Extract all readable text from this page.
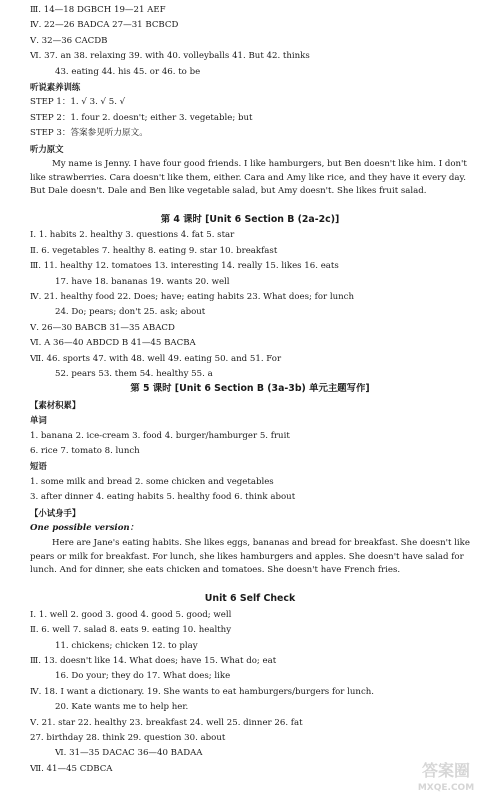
Ⅲ. 14—18 DGBCH 19—21 AEF
Ⅳ. 22—26 BADCA 27—31 BCBCD
Ⅴ. 32—36 CACDB
Ⅵ. 37. an 38. relaxing 39. with 40. volleyballs 41. But 42. thinks
43. eating 44. his 45. or 46. to be
听说素养训练
STEP 1：1. √ 3. √ 5. √
STEP 2：1. four 2. doesn't; either 3. vegetable; but
STEP 3：答案参见听力原文。
听力原文
My name is Jenny. I have four good friends. I like hamburgers, but Ben doesn't like him. I don't like strawberries. Cara doesn't like them, either. Cara and Amy like rice, and they have it every day. But Dale doesn't. Dale and Ben like vegetable salad, but Amy doesn't. She likes fruit salad.
第 4 课时 [Unit 6 Section B (2a-2c)]
Ⅰ. 1. habits 2. healthy 3. questions 4. fat 5. star
Ⅱ. 6. vegetables 7. healthy 8. eating 9. star 10. breakfast
Ⅲ. 11. healthy 12. tomatoes 13. interesting 14. really 15. likes 16. eats
17. have 18. bananas 19. wants 20. well
Ⅳ. 21. healthy food 22. Does; have; eating habits 23. What does; for lunch
24. Do; pears; don't 25. ask; about
Ⅴ. 26—30 BABCB 31—35 ABACD
Ⅵ. A 36—40 ABDCD B 41—45 BACBA
Ⅶ. 46. sports 47. with 48. well 49. eating 50. and 51. For
52. pears 53. them 54. healthy 55. a
第 5 课时 [Unit 6 Section B (3a-3b) 单元主题写作]
【素材积累】
单词
1. banana 2. ice-cream 3. food 4. burger/hamburger 5. fruit
6. rice 7. tomato 8. lunch
短语
1. some milk and bread 2. some chicken and vegetables
3. after dinner 4. eating habits 5. healthy food 6. think about
【小试身手】
One possible version：
Here are Jane's eating habits. She likes eggs, bananas and bread for breakfast. She doesn't like pears or milk for breakfast. For lunch, she likes hamburgers and apples. She doesn't have salad for lunch. And for dinner, she eats chicken and tomatoes. She doesn't have French fries.
Unit 6 Self Check
Ⅰ. 1. well 2. good 3. good 4. good 5. good; well
Ⅱ. 6. well 7. salad 8. eats 9. eating 10. healthy
11. chickens; chicken 12. to play
Ⅲ. 13. doesn't like 14. What does; have 15. What do; eat
16. Do your; they do 17. What does; like
Ⅳ. 18. I want a dictionary. 19. She wants to eat hamburgers/burgers for lunch.
20. Kate wants me to help her.
Ⅴ. 21. star 22. healthy 23. breakfast 24. well 25. dinner 26. fat
27. birthday 28. think 29. question 30. about
Ⅵ. 31—35 DACAC 36—40 BADAA
Ⅶ. 41—45 CDBCA	答案圈
MXQE.COM
